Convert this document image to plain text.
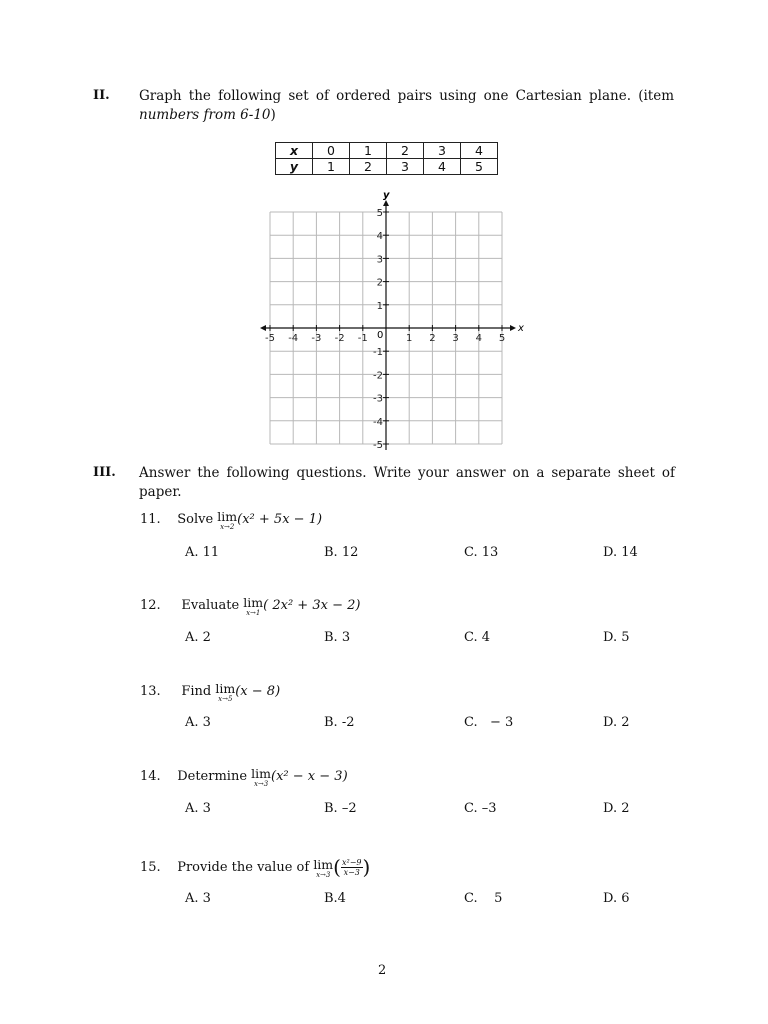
II. Graph the following set of ordered pairs using one Cartesian plane. (item
numbers from 6-10)
x	0	1	2	3	4
y	1	2	3	4	5
-5 -4 -3 -2 -1	1 2 3 4 5
5
4
3
2
1
-1
-2
-3
-4
-5
x
y
0
III. Answer the following questions. Write your answer on a separate sheet of
paper.
11. Solve lim
x→2 (x² + 5x − 1)
A. 11	B. 12	C. 13	D. 14
12. Evaluate lim
x→1 ( 2x² + 3x − 2)
A. 2	B. 3	C. 4	D. 5
13. Find lim
x→5 (x − 8)
A. 3	B. -2	C.   − 3	D. 2
14. Determine lim
x→3 (x² − x − 3)
A. 3	B. –2	C. –3	D. 2
15. Provide the value of lim
x→3 ( $\frac{\text{x²−9}}{x-3}$ )
A. 3	B.4	C.    5	D. 6
2
